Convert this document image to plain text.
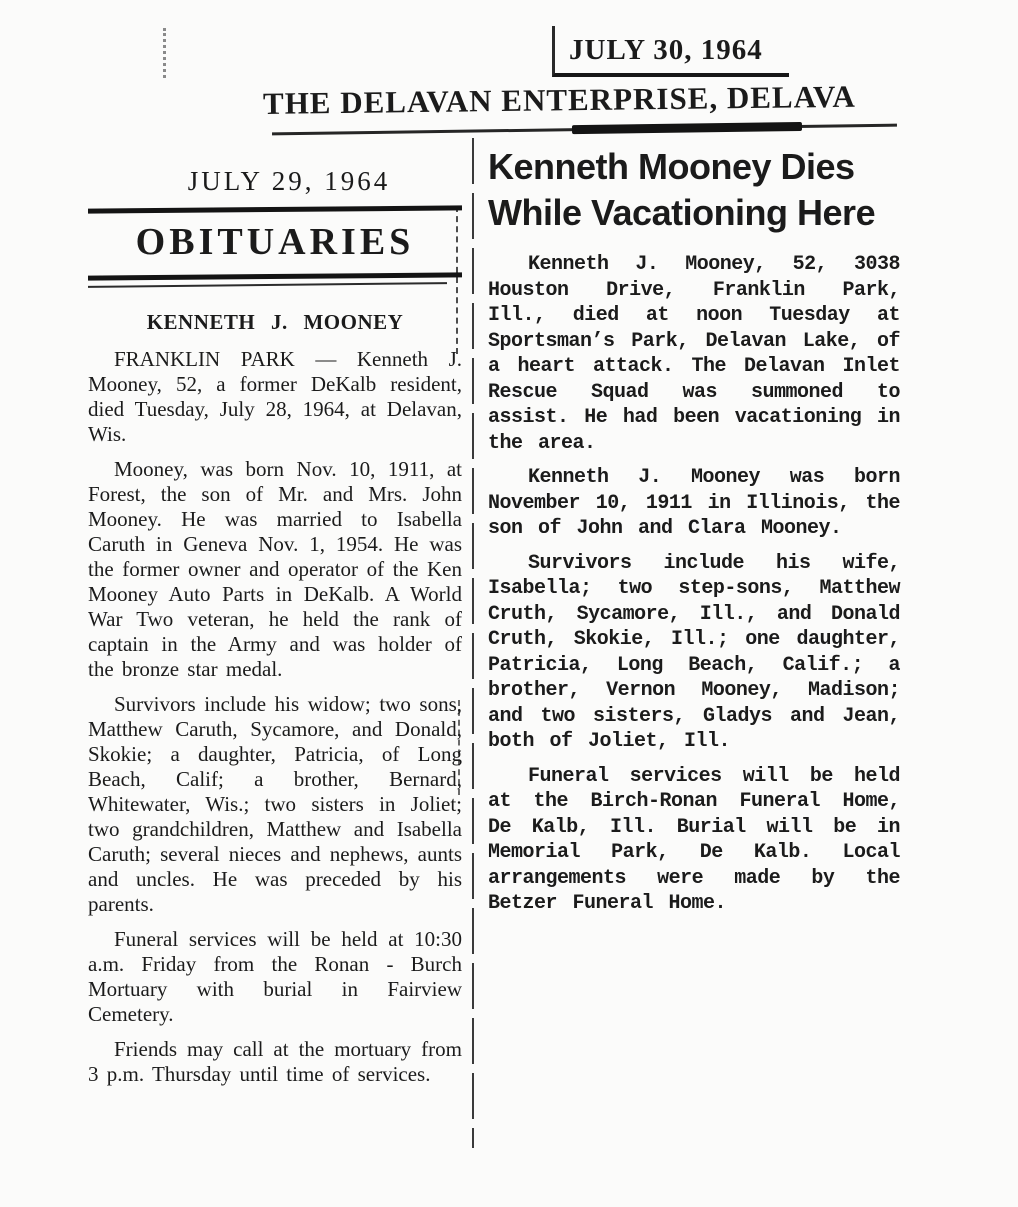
JULY 30, 1964
THE DELAVAN ENTERPRISE, DELAVA
JULY 29, 1964
OBITUARIES
KENNETH J. MOONEY

FRANKLIN PARK — Kenneth J. Mooney, 52, a former DeKalb resident, died Tuesday, July 28, 1964, at Delavan, Wis.

Mooney, was born Nov. 10, 1911, at Forest, the son of Mr. and Mrs. John Mooney. He was married to Isabella Caruth in Geneva Nov. 1, 1954. He was the former owner and operator of the Ken Mooney Auto Parts in DeKalb. A World War Two veteran, he held the rank of captain in the Army and was holder of the bronze star medal.

Survivors include his widow; two sons, Matthew Caruth, Sycamore, and Donald, Skokie; a daughter, Patricia, of Long Beach, Calif; a brother, Bernard, Whitewater, Wis.; two sisters in Joliet; two grandchildren, Matthew and Isabella Caruth; several nieces and nephews, aunts and uncles. He was preceded by his parents.

Funeral services will be held at 10:30 a.m. Friday from the Ronan - Burch Mortuary with burial in Fairview Cemetery.

Friends may call at the mortuary from 3 p.m. Thursday until time of services.

Kenneth Mooney Dies
While Vacationing Here

Kenneth J. Mooney, 52, 3038 Houston Drive, Franklin Park, Ill., died at noon Tuesday at Sportsman’s Park, Delavan Lake, of a heart attack. The Delavan Inlet Rescue Squad was summoned to assist. He had been vacationing in the area.

Kenneth J. Mooney was born November 10, 1911 in Illinois, the son of John and Clara Mooney.

Survivors include his wife, Isabella; two step-sons, Matthew Cruth, Sycamore, Ill., and Donald Cruth, Skokie, Ill.; one daughter, Patricia, Long Beach, Calif.; a brother, Vernon Mooney, Madison; and two sisters, Gladys and Jean, both of Joliet, Ill.

Funeral services will be held at the Birch-Ronan Funeral Home, De Kalb, Ill. Burial will be in Memorial Park, De Kalb. Local arrangements were made by the Betzer Funeral Home.
